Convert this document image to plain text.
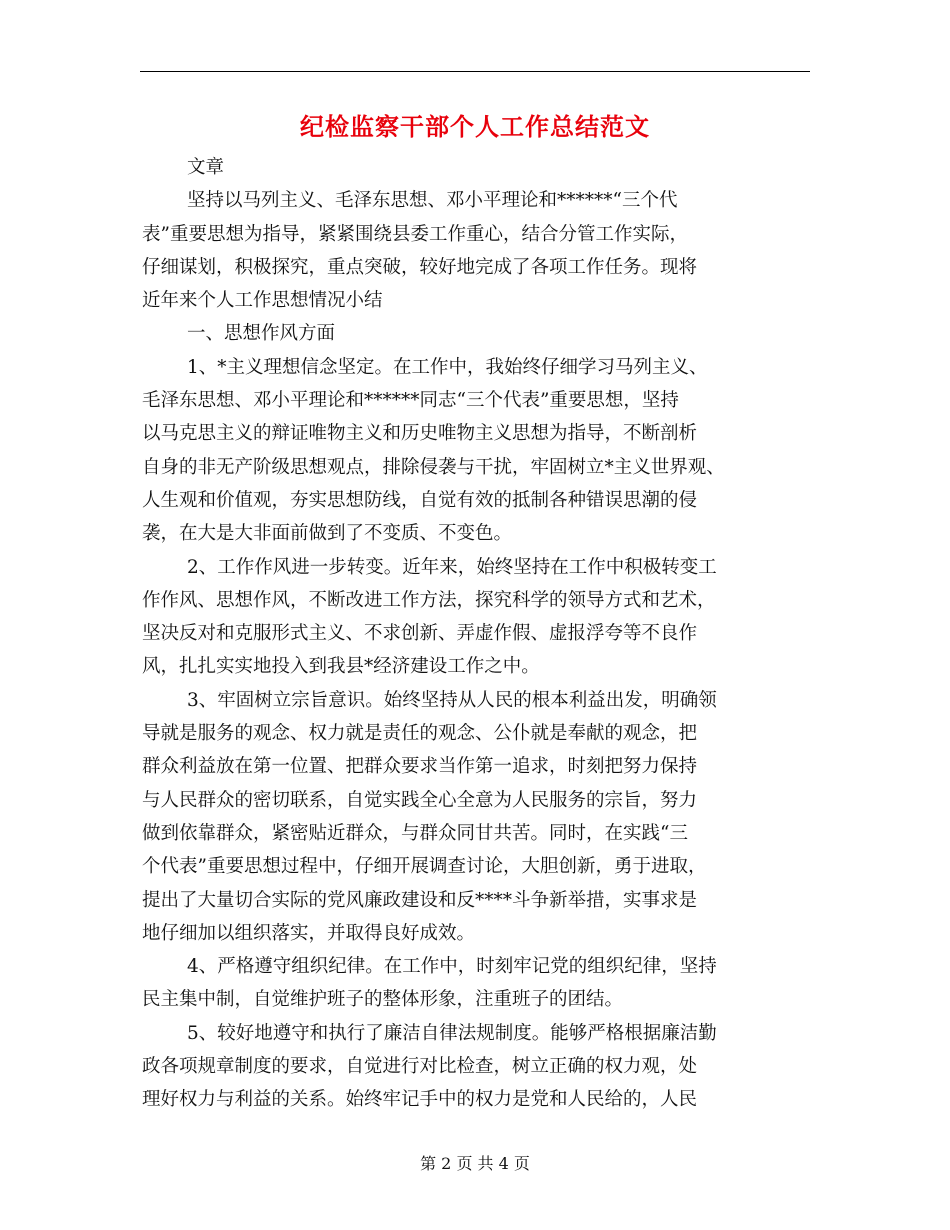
纪检监察干部个人工作总结范文
文章
坚持以马列主义、毛泽东思想、邓小平理论和******“三个代
表”重要思想为指导，紧紧围绕县委工作重心，结合分管工作实际，
仔细谋划，积极探究，重点突破，较好地完成了各项工作任务。现将
近年来个人工作思想情况小结
一、思想作风方面
1、*主义理想信念坚定。在工作中，我始终仔细学习马列主义、
毛泽东思想、邓小平理论和******同志“三个代表”重要思想，坚持
以马克思主义的辩证唯物主义和历史唯物主义思想为指导，不断剖析
自身的非无产阶级思想观点，排除侵袭与干扰，牢固树立*主义世界观、
人生观和价值观，夯实思想防线，自觉有效的抵制各种错误思潮的侵
袭，在大是大非面前做到了不变质、不变色。
2、工作作风进一步转变。近年来，始终坚持在工作中积极转变工
作作风、思想作风，不断改进工作方法，探究科学的领导方式和艺术，
坚决反对和克服形式主义、不求创新、弄虚作假、虚报浮夸等不良作
风，扎扎实实地投入到我县*经济建设工作之中。
3、牢固树立宗旨意识。始终坚持从人民的根本利益出发，明确领
导就是服务的观念、权力就是责任的观念、公仆就是奉献的观念，把
群众利益放在第一位置、把群众要求当作第一追求，时刻把努力保持
与人民群众的密切联系，自觉实践全心全意为人民服务的宗旨，努力
做到依靠群众，紧密贴近群众，与群众同甘共苦。同时，在实践“三
个代表”重要思想过程中，仔细开展调查讨论，大胆创新，勇于进取，
提出了大量切合实际的党风廉政建设和反****斗争新举措，实事求是
地仔细加以组织落实，并取得良好成效。
4、严格遵守组织纪律。在工作中，时刻牢记党的组织纪律，坚持
民主集中制，自觉维护班子的整体形象，注重班子的团结。
5、较好地遵守和执行了廉洁自律法规制度。能够严格根据廉洁勤
政各项规章制度的要求，自觉进行对比检查，树立正确的权力观，处
理好权力与利益的关系。始终牢记手中的权力是党和人民给的，人民
第 2 页 共 4 页
